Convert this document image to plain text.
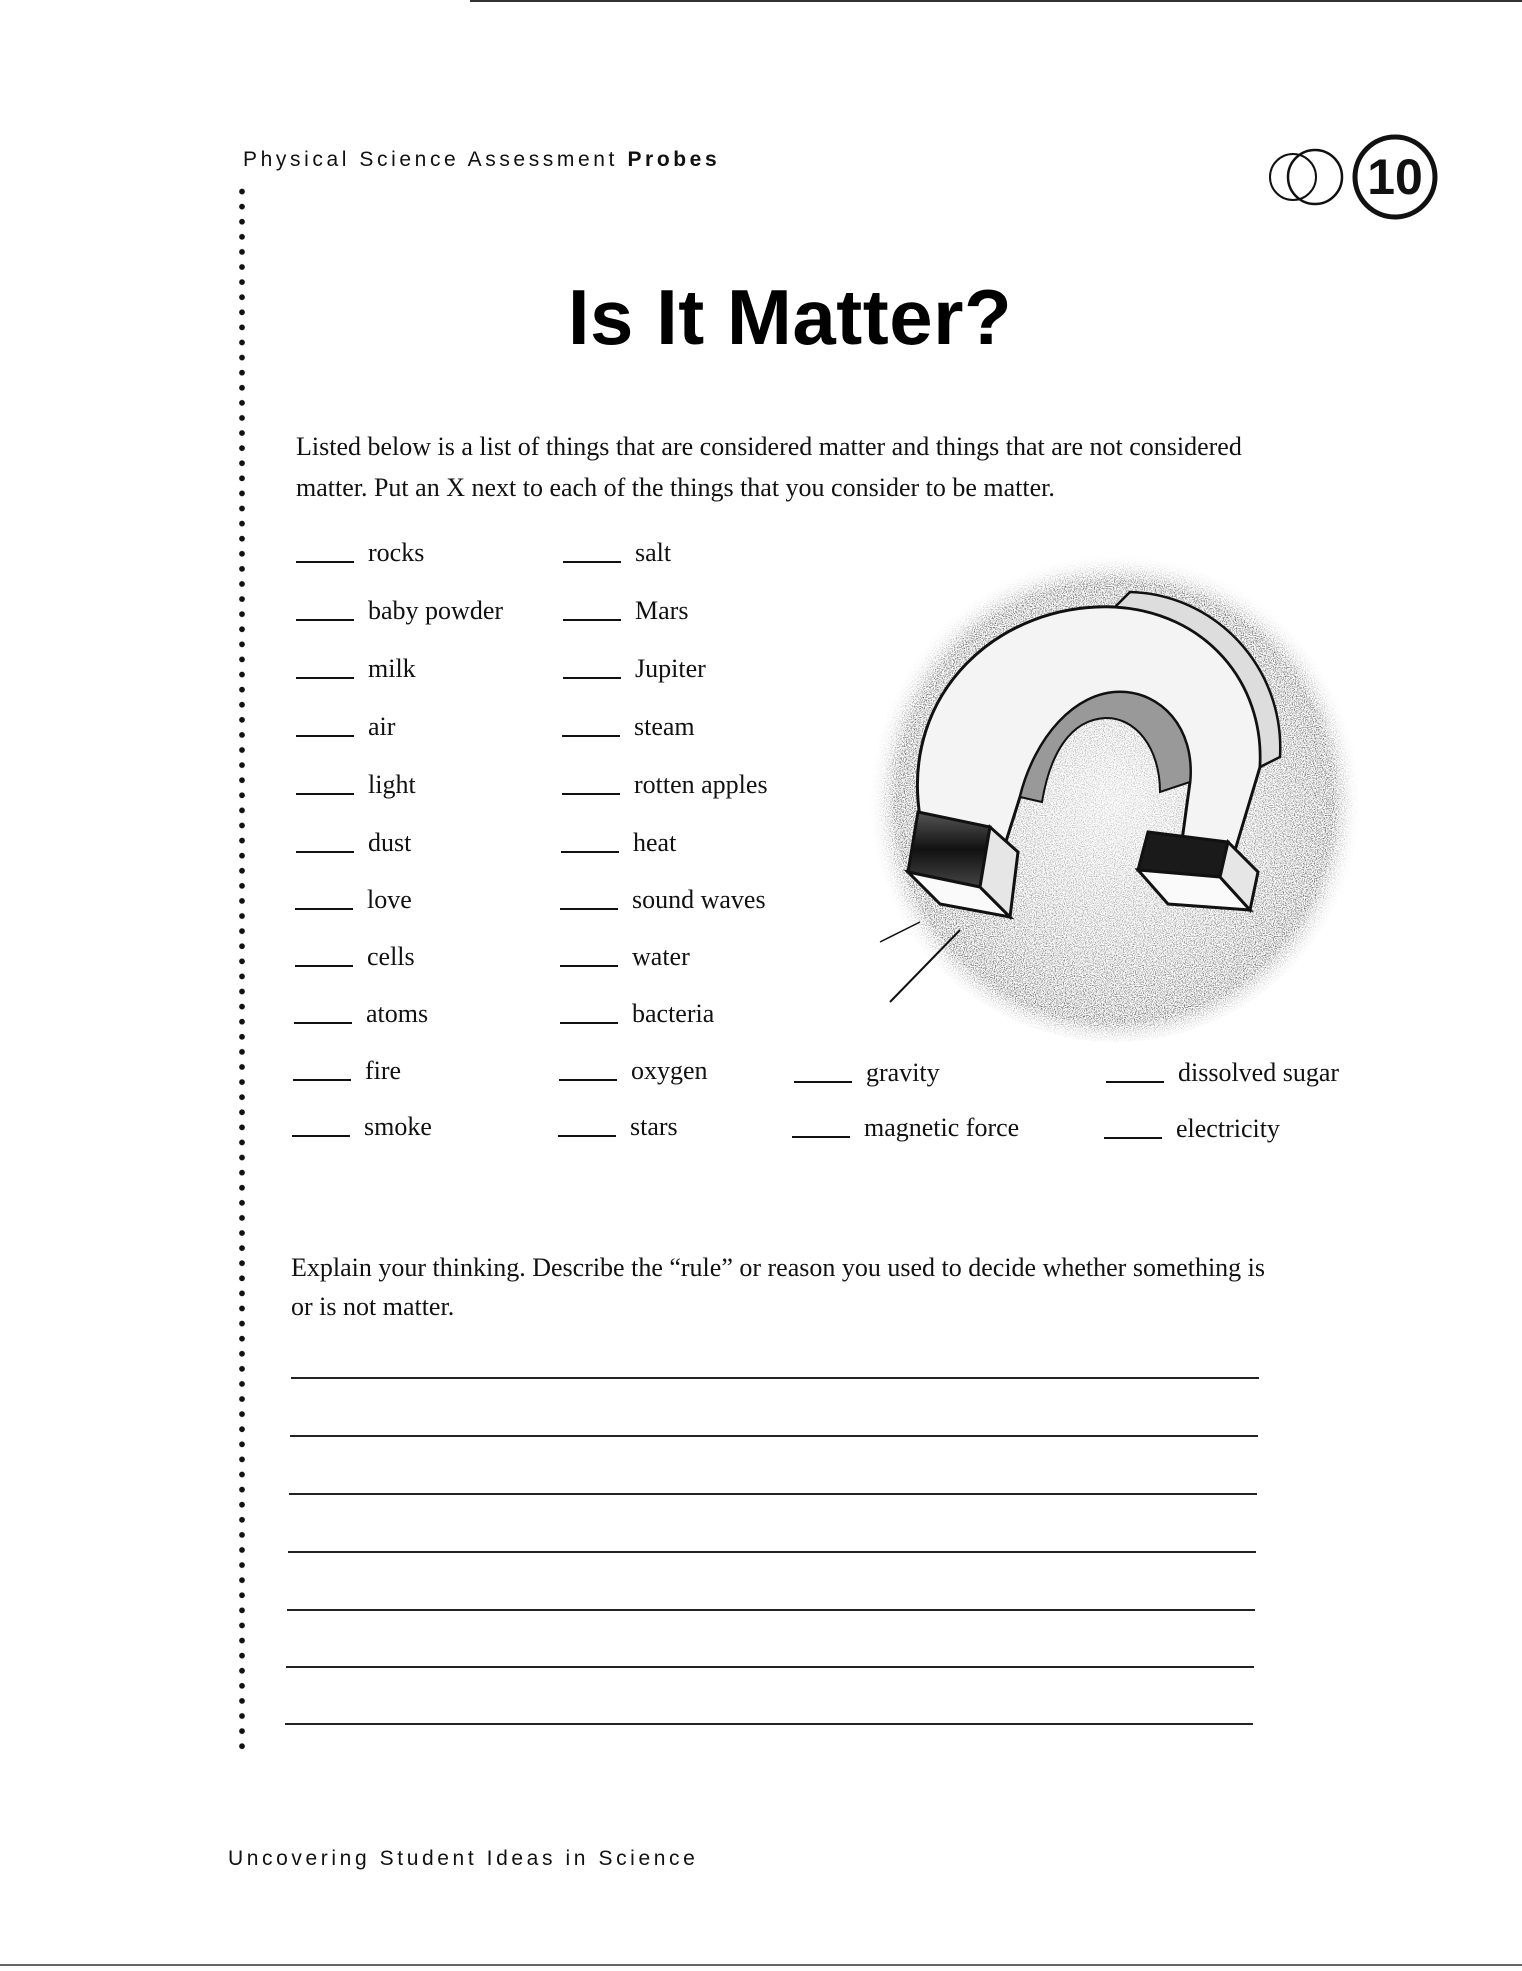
Physical Science Assessment Probes	10
Is It Matter?

Listed below is a list of things that are considered matter and things that are not considered matter. Put an X next to each of the things that you consider to be matter.

rocks
baby powder
milk
air
light
dust
love
cells
atoms
fire
smoke
salt
Mars
Jupiter
steam
rotten apples
heat
sound waves
water
bacteria
oxygen
stars
gravity
magnetic force
dissolved sugar
electricity

Explain your thinking. Describe the “rule” or reason you used to decide whether something is or is not matter.

Uncovering Student Ideas in Science
